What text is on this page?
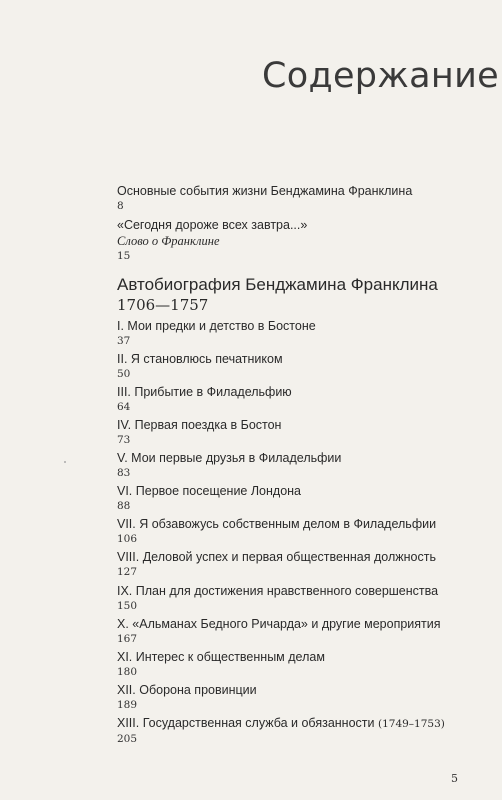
Содержание
Основные события жизни Бенджамина Франклина
8
«Сегодня дороже всех завтра...»
Слово о Франклине
15
Автобиография Бенджамина Франклина
1706—1757
I. Мои предки и детство в Бостоне
37
II. Я становлюсь печатником
50
III. Прибытие в Филадельфию
64
IV. Первая поездка в Бостон
73
V. Мои первые друзья в Филадельфии
83
VI. Первое посещение Лондона
88
VII. Я обзавожусь собственным делом в Филадельфии
106
VIII. Деловой успех и первая общественная должность
127
IX. План для достижения нравственного совершенства
150
X. «Альманах Бедного Ричарда» и другие мероприятия
167
XI. Интерес к общественным делам
180
XII. Оборона провинции
189
XIII. Государственная служба и обязанности (1749–1753)
205
5
